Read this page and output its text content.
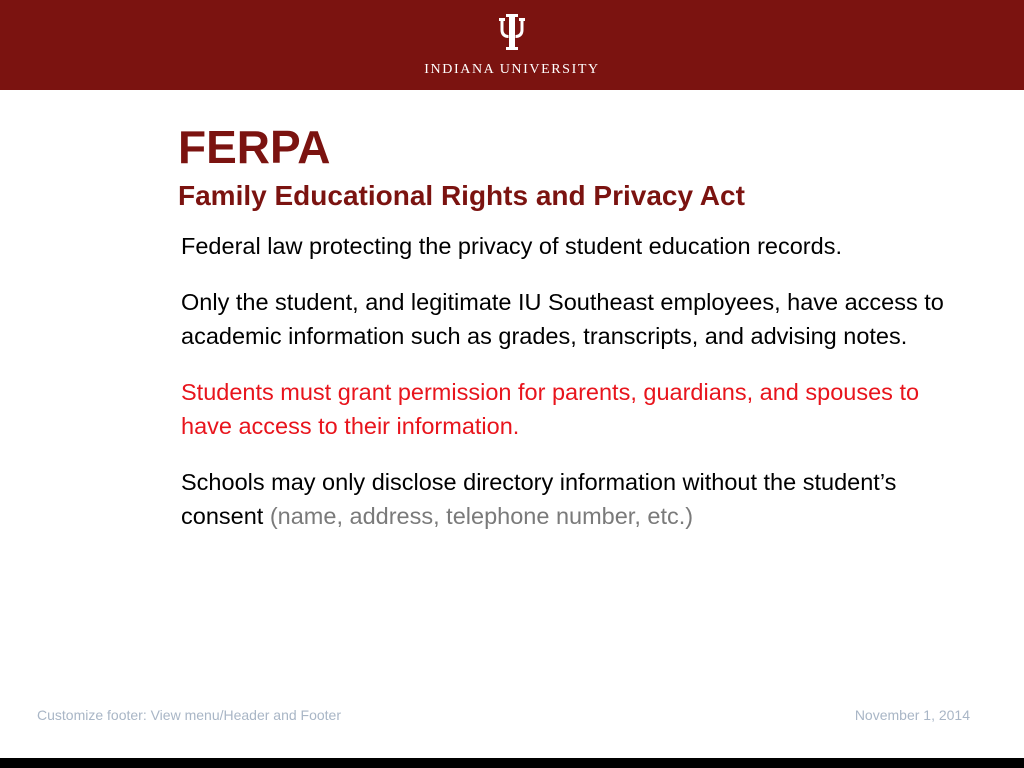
INDIANA UNIVERSITY
FERPA
Family Educational Rights and Privacy Act

Federal law protecting the privacy of student education records.

Only the student, and legitimate IU Southeast employees, have access to academic information such as grades, transcripts, and advising notes.

Students must grant permission for parents, guardians, and spouses to have access to their information.

Schools may only disclose directory information without the student’s consent (name, address, telephone number, etc.)

Customize footer: View menu/Header and Footer	November 1, 2014
